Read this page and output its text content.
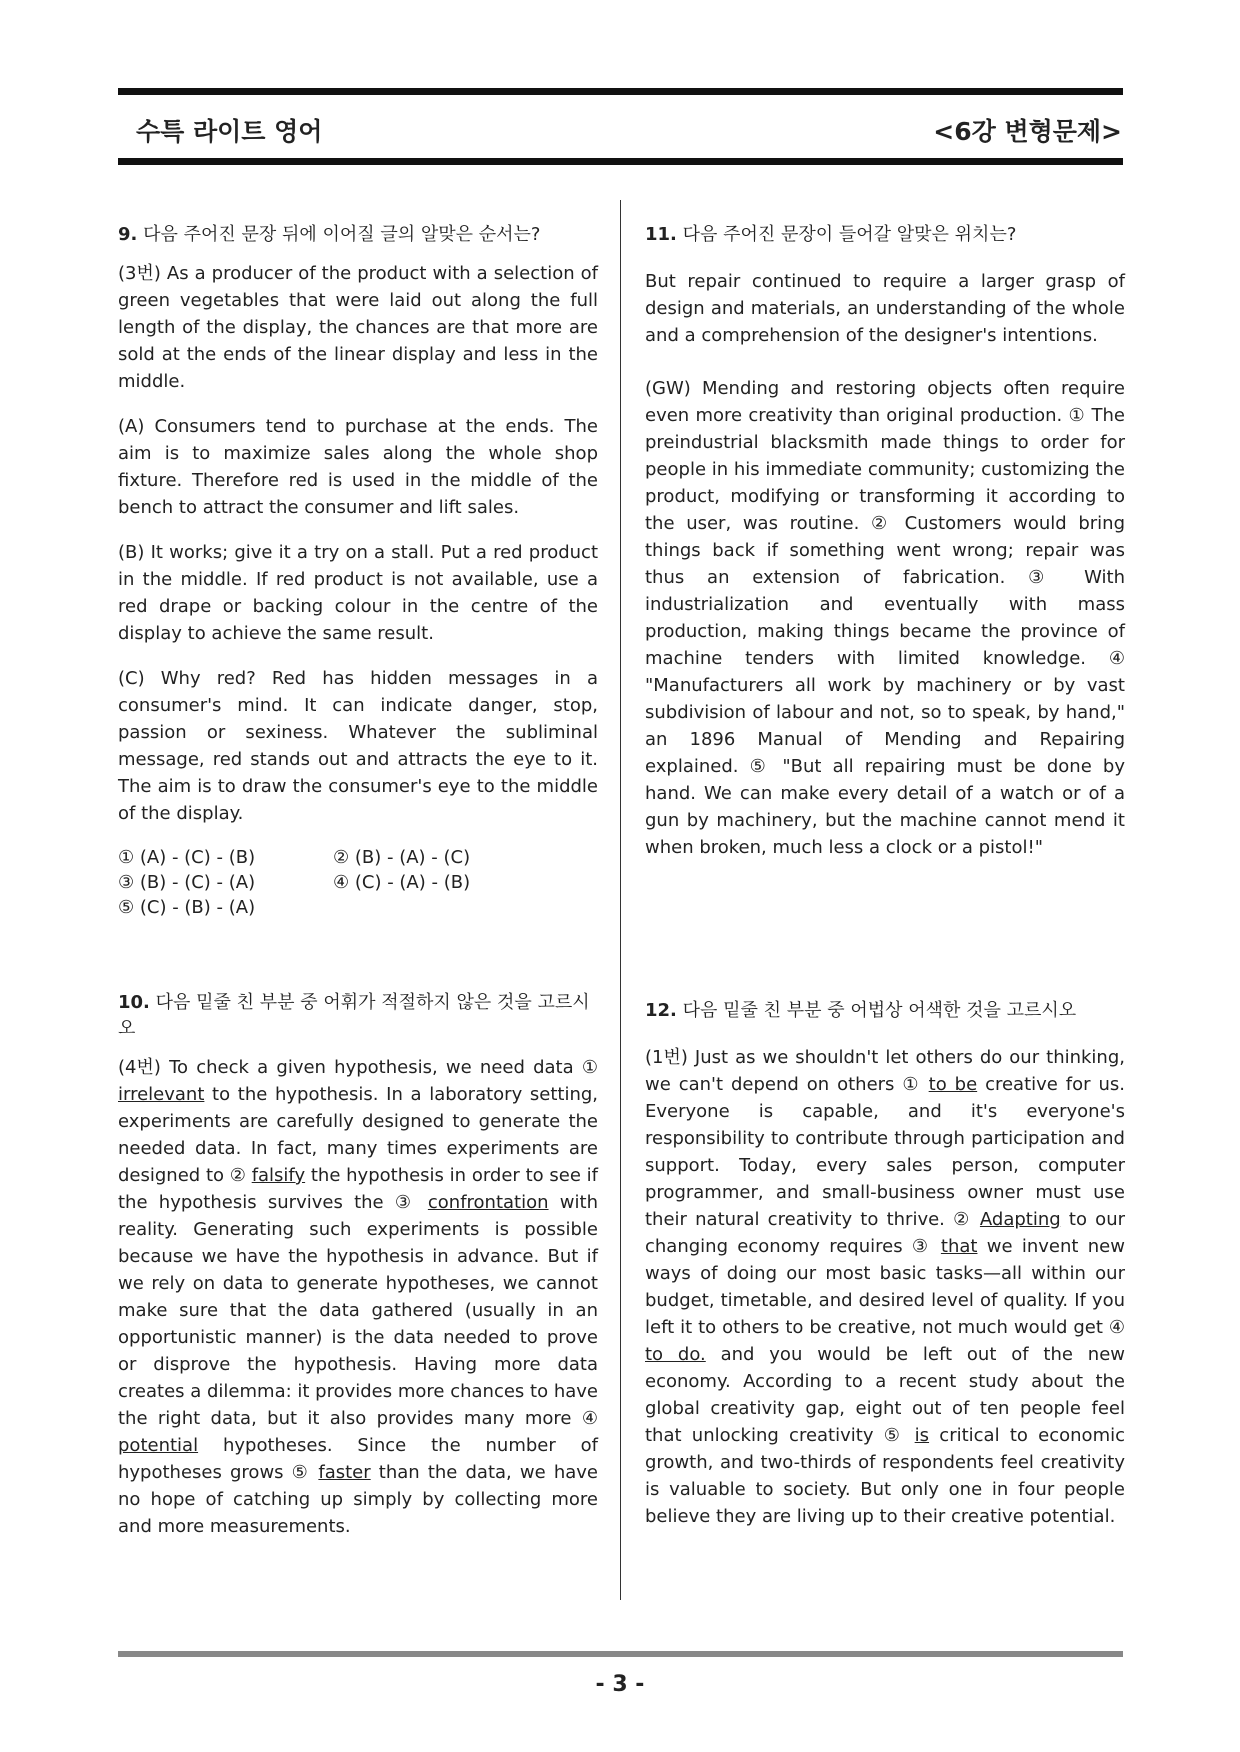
수특 라이트 영어	<6강 변형문제>
9. 다음 주어진 문장 뒤에 이어질 글의 알맞은 순서는?

(3번) As a producer of the product with a selection of green vegetables that were laid out along the full length of the display, the chances are that more are sold at the ends of the linear display and less in the middle.

(A) Consumers tend to purchase at the ends. The aim is to maximize sales along the whole shop fixture. Therefore red is used in the middle of the bench to attract the consumer and lift sales.

(B) It works; give it a try on a stall. Put a red product in the middle. If red product is not available, use a red drape or backing colour in the centre of the display to achieve the same result.

(C) Why red? Red has hidden messages in a consumer's mind. It can indicate danger, stop, passion or sexiness. Whatever the subliminal message, red stands out and attracts the eye to it. The aim is to draw the consumer's eye to the middle of the display.

① (A) - (C) - (B)	② (B) - (A) - (C)
③ (B) - (C) - (A)	④ (C) - (A) - (B)
⑤ (C) - (B) - (A)
10. 다음 밑줄 친 부분 중 어휘가 적절하지 않은 것을 고르시오

(4번) To check a given hypothesis, we need data ① irrelevant to the hypothesis. In a laboratory setting, experiments are carefully designed to generate the needed data. In fact, many times experiments are designed to ② falsify the hypothesis in order to see if the hypothesis survives the ③ confrontation with reality. Generating such experiments is possible because we have the hypothesis in advance. But if we rely on data to generate hypotheses, we cannot make sure that the data gathered (usually in an opportunistic manner) is the data needed to prove or disprove the hypothesis. Having more data creates a dilemma: it provides more chances to have the right data, but it also provides many more ④ potential hypotheses. Since the number of hypotheses grows ⑤ faster than the data, we have no hope of catching up simply by collecting more and more measurements.

11. 다음 주어진 문장이 들어갈 알맞은 위치는?

But repair continued to require a larger grasp of design and materials, an understanding of the whole and a comprehension of the designer's intentions.

(GW) Mending and restoring objects often require even more creativity than original production. ① The preindustrial blacksmith made things to order for people in his immediate community; customizing the product, modifying or transforming it according to the user, was routine. ② Customers would bring things back if something went wrong; repair was thus an extension of fabrication. ③ With industrialization and eventually with mass production, making things became the province of machine tenders with limited knowledge. ④ "Manufacturers all work by machinery or by vast subdivision of labour and not, so to speak, by hand," an 1896 Manual of Mending and Repairing explained. ⑤ "But all repairing must be done by hand. We can make every detail of a watch or of a gun by machinery, but the machine cannot mend it when broken, much less a clock or a pistol!"

12. 다음 밑줄 친 부분 중 어법상 어색한 것을 고르시오

(1번) Just as we shouldn't let others do our thinking, we can't depend on others ① to be creative for us. Everyone is capable, and it's everyone's responsibility to contribute through participation and support. Today, every sales person, computer programmer, and small-business owner must use their natural creativity to thrive. ② Adapting to our changing economy requires ③ that we invent new ways of doing our most basic tasks—all within our budget, timetable, and desired level of quality. If you left it to others to be creative, not much would get ④ to do. and you would be left out of the new economy. According to a recent study about the global creativity gap, eight out of ten people feel that unlocking creativity ⑤ is critical to economic growth, and two-thirds of respondents feel creativity is valuable to society. But only one in four people believe they are living up to their creative potential.

- 3 -
